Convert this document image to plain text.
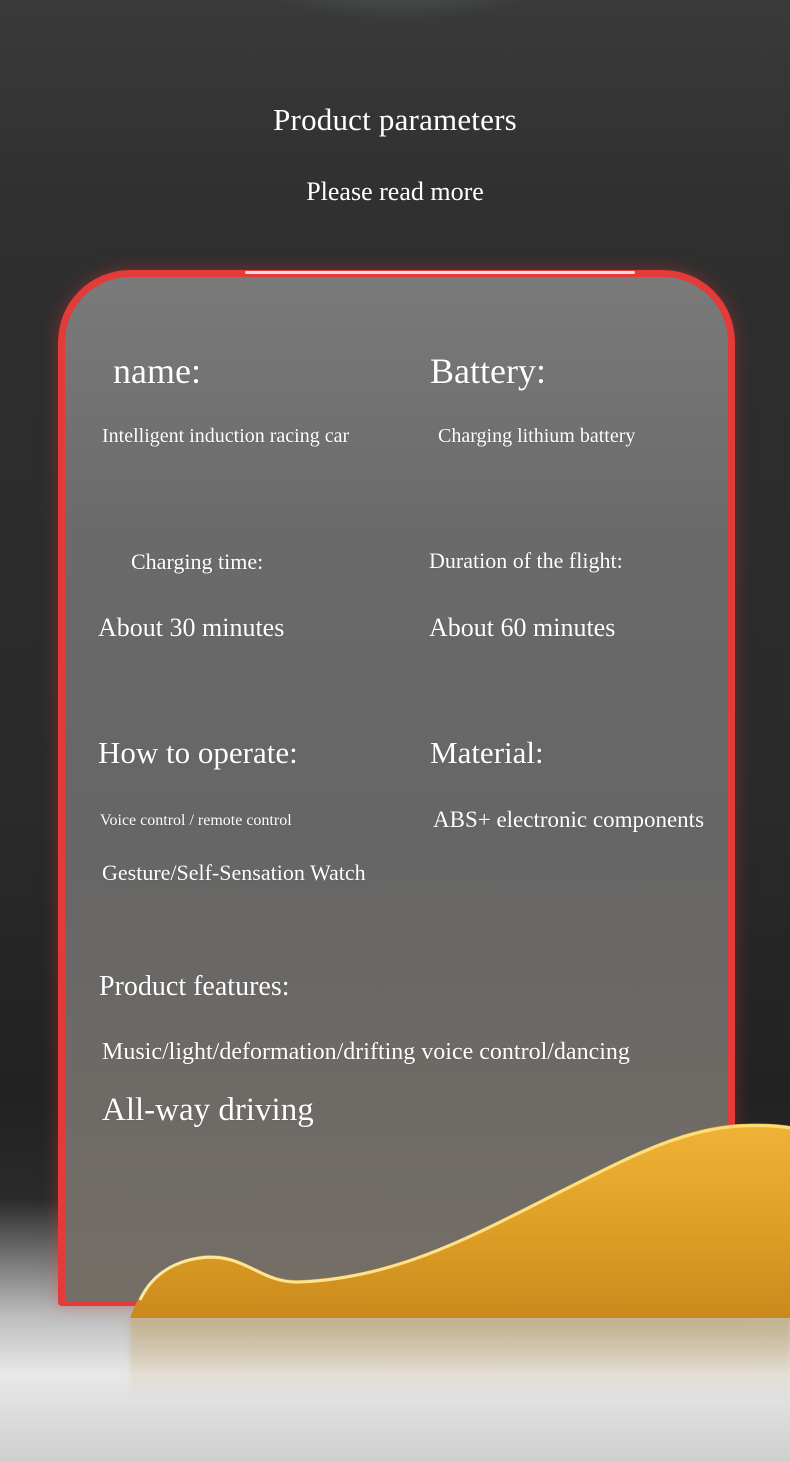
Product parameters
Please read more
name:
Intelligent induction racing car
Battery:
Charging lithium battery
Charging time:
About 30 minutes
Duration of the flight:
About 60 minutes
How to operate:
Voice control / remote control
Gesture/Self-Sensation Watch
Material:
ABS+ electronic components
Product features:
Music/light/deformation/drifting voice control/dancing
All-way driving
